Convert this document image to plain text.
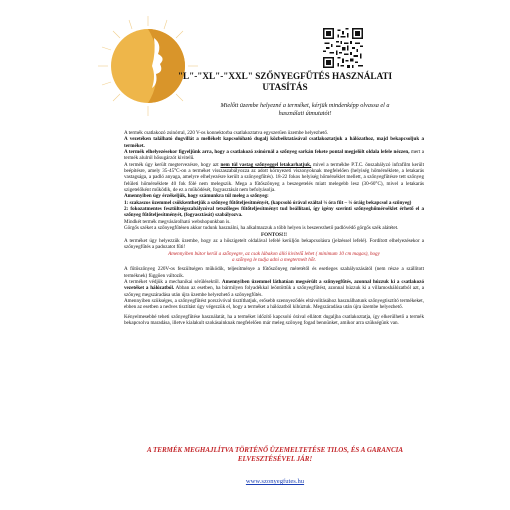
"L"-"XL"-"XXL" SZŐNYEGFŰTÉS HASZNÁLATI
UTASÍTÁS
Mielőtt üzembe helyezné a terméket, kérjük mindenképp olvassa el a
használati útmutatót!

A termék csatlakozó zsinórral, 220 V-os konnektorba csatlakoztatva egyszerűen üzembe helyezhető.

A vezetéken található dugvillát a mellékelt kapcsolóható dugalj közbeiktatásával csatlakoztatjuk a hálózathoz, majd bekapcsoljuk a terméket.

A termék elhelyezésekor figyeljünk arra, hogy a csatlakozó zsinórnál a szőnyeg sarkán fekete pontal megjelölt oldala lefele nézzen, mert a termék alulról hősugárzót kivitelű.

A termék úgy került megtervezésre, hogy azt nem túl vastag szőnyeggel letakarhatjuk, mivel a termékbe P.T.C. önszabályzó infrafilm került beépítésre, amely 35-45°C-on a terméket visszaszabályozza az adott környezeti viszonyoknak megfelelően (helyiség hőmérséklete, a letakarás vastagsága, a padló anyaga, amelyre elhelyezésre került a szőnyegfűtés). 18-22 fokos helyiség hőmérséklet mellett, a szőnyegfűtésre tett szőnyeg felületi hőmérséklete 40 fok fölé nem melegszik. Mega a fűtőszőnyeg a beszegetelés miatt melegebb lesz (30-60°C), mivel a letakarás szigetelőként működik, de ez a működését, fogyasztását nem befolyásolja.

Amennyiben úgy érzékeljük, hogy számunkra túl meleg a szőnyeg:

1: szakaszos üzemmel csökkenthetjük a szőnyeg fűtőteljesítményét, (kapcsoló órával ezáltal ¼ óra fűt – ¼ óráig bekapcsol a szőnyeg)

2: fokozatmentes fesztültségszabályzóval tetszőleges fűtőteljesítményt tud beállítani, így igény szerinti szőnyeghőmérséklet érhető el a szőnyeg fűtőteljesítményét, (fogyasztását) szabályozva.

Mindkét termék megvásárolható webshopunkban is.

Görgős széket a szőnyegfűtésen akkor tudunk használni, ha alkalmazzuk a több helyen is beszerezhető padlóvédő görgős szék alátétet.

FONTOS!!!

A terméket úgy helyezzük üzembe, hogy az a hőszigetelt oldalával lefelé kerüljön bekapcsolásra (jelzéssel lefelé). Fordított elhelyezésekor a szőnyegfűtés a padozatot fűti!

Amennyiben bútor kerül a szőnyegre, az csak lábakon álló kivitelű lehet ( minimum 10 cm magas), hogy

a szőnyeg le tudja adni a megtermelt hőt.

A fűtőszőnyeg 220V-os feszültségen működik, teljesítménye a fűtőszőnyeg méretétől és esetleges szabályozásától (nem része a szállított terméknek) függően változik.

A terméket védjük a mechanikai sérülésektől. Amennyiben üzemmel láthatóan megsérült a szőnyegfűtés, azonnal húzzuk ki a csatlakozó vezetéket a hálózatból. Abban az esetben, ha bármilyen folyadékkal leöntöttük a szőnyegfűtést, azonnal húzzuk ki a villamoshálózatból azt, a szőnyeg megszáradása után újra üzembe helyezhető a szőnyegfűtés.

Amennyiben szükséges, a szőnyegfűtést porszívóval tisztíthatjuk, erősebb szennyeződés eltávolításához használhatunk szőnyegtisztító termékeket, ebben az esetben a nedves tisztítást úgy végezzük el, hogy a terméket a hálózatból kihúztuk. Megszáradása után újra üzembe helyezhető.

Kényelmesebbé teheti szőnyegfűtése használatát, ha a terméket időzítő kapcsoló órával ellátott dugaljba csatlakoztatja, így elkerülhető a termék bekapcsolva maradása, illetve kialakult szokásainknak megfelelően már meleg szőnyeg fogad bennünket, amikor arra szükségünk van.

A TERMÉK MEGHAJLÍTVA TÖRTÉNŐ ÜZEMELTETÉSE TILOS, ÉS A GARANCIA
ELVESZTÉSÉVEL JÁR!
www.szonyegfutes.hu
